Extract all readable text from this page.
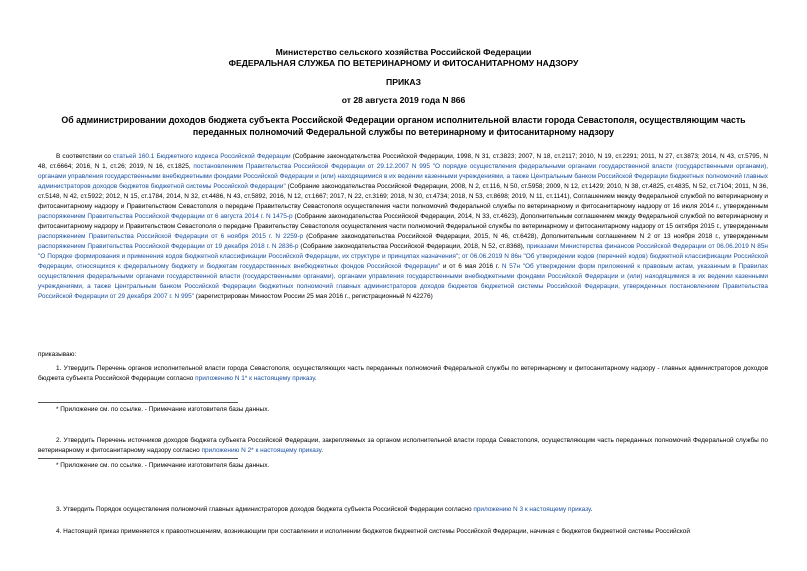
Министерство сельского хозяйства Российской Федерации
ФЕДЕРАЛЬНАЯ СЛУЖБА ПО ВЕТЕРИНАРНОМУ И ФИТОСАНИТАРНОМУ НАДЗОРУ
ПРИКАЗ
от 28 августа 2019 года N 866
Об администрировании доходов бюджета субъекта Российской Федерации органом исполнительной власти города Севастополя, осуществляющим часть переданных полномочий Федеральной службы по ветеринарному и фитосанитарному надзору

В соответствии со статьей 160.1 Бюджетного кодекса Российской Федерации (Собрание законодательства Российской Федерации, 1998, N 31, ст.3823; 2007, N 18, ст.2117; 2010, N 19, ст.2291; 2011, N 27, ст.3873; 2014, N 43, ст.5795, N 48, ст.6664; 2016, N 1, ст.26; 2019, N 16, ст.1825, постановлением Правительства Российской Федерации от 29.12.2007 N 995 "О порядке осуществления федеральными органами государственной власти (государственными органами), органами управления государственными внебюджетными фондами Российской Федерации и (или) находящимися в их ведении казенными учреждениями, а также Центральным банком Российской Федерации бюджетных полномочий главных администраторов доходов бюджетов бюджетной системы Российской Федерации" (Собрание законодательства Российской Федерации, 2008, N 2, ст.116, N 50, ст.5958; 2009, N 12, ст.1429; 2010, N 38, ст.4825, ст.4835, N 52, ст.7104; 2011, N 36, ст.5148, N 42, ст.5922; 2012, N 15, ст.1784, 2014, N 32, ст.4486, N 43, ст.5892, 2016, N 12, ст.1667; 2017, N 22, ст.3169; 2018, N 30, ст.4734; 2018, N 53, ст.8698; 2019, N 11, ст.1141), Соглашением между Федеральной службой по ветеринарному и фитосанитарному надзору и Правительством Севастополя о передаче Правительству Севастополя осуществления части полномочий Федеральной службы по ветеринарному и фитосанитарному надзору от 16 июля 2014 г., утвержденным распоряжением Правительства Российской Федерации от 6 августа 2014 г. N 1475-р (Собрание законодательства Российской Федерации, 2014, N 33, ст.4623), Дополнительным соглашением между Федеральной службой по ветеринарному и фитосанитарному надзору и Правительством Севастополя о передаче Правительству Севастополя осуществления части полномочий Федеральной службы по ветеринарному и фитосанитарному надзору от 15 октября 2015 г., утвержденным распоряжением Правительства Российской Федерации от 6 ноября 2015 г. N 2259-р (Собрание законодательства Российской Федерации, 2015, N 46, ст.6428), Дополнительным соглашением N 2 от 13 ноября 2018 г., утвержденным распоряжением Правительства Российской Федерации от 19 декабря 2018 г. N 2836-р (Собрание законодательства Российской Федерации, 2018, N 52, ст.8368), приказами Министерства финансов Российской Федерации от 06.06.2019 N 85н "О Порядке формирования и применения кодов бюджетной классификации Российской Федерации, их структуре и принципах назначения"; от 06.06.2019 N 86н "Об утверждении кодов (перечней кодов) бюджетной классификации Российской Федерации, относящихся к федеральному бюджету и бюджетам государственных внебюджетных фондов Российской Федерации" и от 6 мая 2016 г. N 57н "Об утверждении форм приложений к правовым актам, указанным в Правилах осуществления федеральными органами государственной власти (государственными органами), органами управления государственными внебюджетными фондами Российской Федерации и (или) находящимися в их ведении казенными учреждениями, а также Центральным банком Российской Федерации бюджетных полномочий главных администраторов доходов бюджетов бюджетной системы Российской Федерации, утвержденных постановлением Правительства Российской Федерации от 29 декабря 2007 г. N 995" (зарегистрирован Минюстом России 25 мая 2016 г., регистрационный N 42276)

приказываю:

1. Утвердить Перечень органов исполнительной власти города Севастополя, осуществляющих часть переданных полномочий Федеральной службы по ветеринарному и фитосанитарному надзору - главных администраторов доходов бюджета субъекта Российской Федерации согласно приложению N 1* к настоящему приказу.

* Приложение см. по ссылке. - Примечание изготовителя базы данных.

2. Утвердить Перечень источников доходов бюджета субъекта Российской Федерации, закрепляемых за органом исполнительной власти города Севастополя, осуществляющим часть переданных полномочий Федеральной службы по ветеринарному и фитосанитарному надзору согласно приложению N 2* к настоящему приказу.

* Приложение см. по ссылке. - Примечание изготовителя базы данных.

3. Утвердить Порядок осуществления полномочий главных администраторов доходов бюджета субъекта Российской Федерации согласно приложению N 3 к настоящему приказу.

4. Настоящий приказ применяется к правоотношениям, возникающим при составлении и исполнении бюджетов бюджетной системы Российской Федерации, начиная с бюджетов бюджетной системы Российской
